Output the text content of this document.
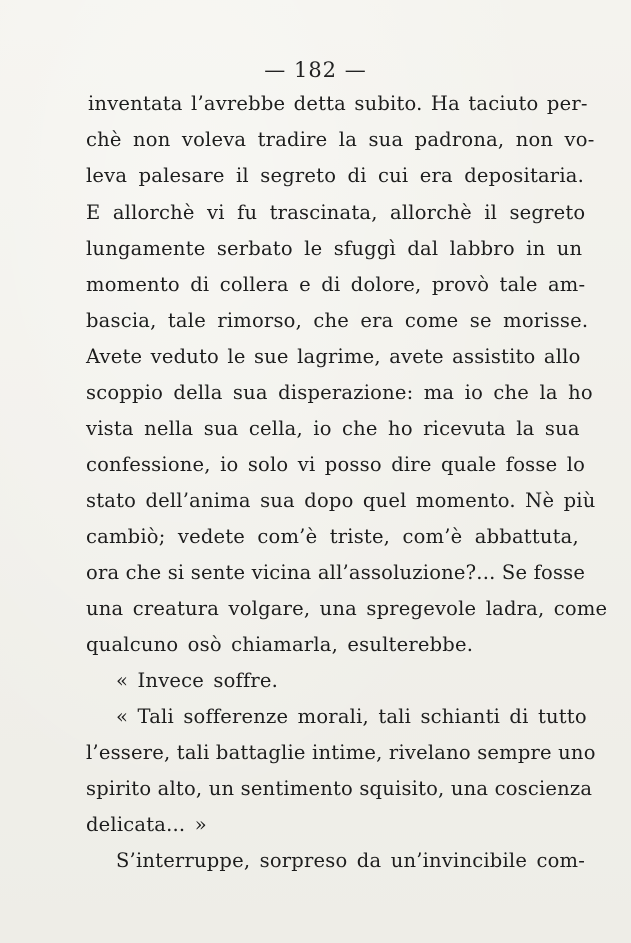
— 182 —
inventata l’avrebbe detta subito. Ha taciuto per-
chè non voleva tradire la sua padrona, non vo-
leva palesare il segreto di cui era depositaria.
E allorchè vi fu trascinata, allorchè il segreto
lungamente serbato le sfuggì dal labbro in un
momento di collera e di dolore, provò tale am-
bascia, tale rimorso, che era come se morisse.
Avete veduto le sue lagrime, avete assistito allo
scoppio della sua disperazione: ma io che la ho
vista nella sua cella, io che ho ricevuta la sua
confessione, io solo vi posso dire quale fosse lo
stato dell’anima sua dopo quel momento. Nè più
cambiò; vedete com’è triste, com’è abbattuta,
ora che si sente vicina all’assoluzione?... Se fosse
una creatura volgare, una spregevole ladra, come
qualcuno osò chiamarla, esulterebbe.
« Invece soffre.
« Tali sofferenze morali, tali schianti di tutto
l’essere, tali battaglie intime, rivelano sempre uno
spirito alto, un sentimento squisito, una coscienza
delicata... »
S’interruppe, sorpreso da un’invincibile com-
